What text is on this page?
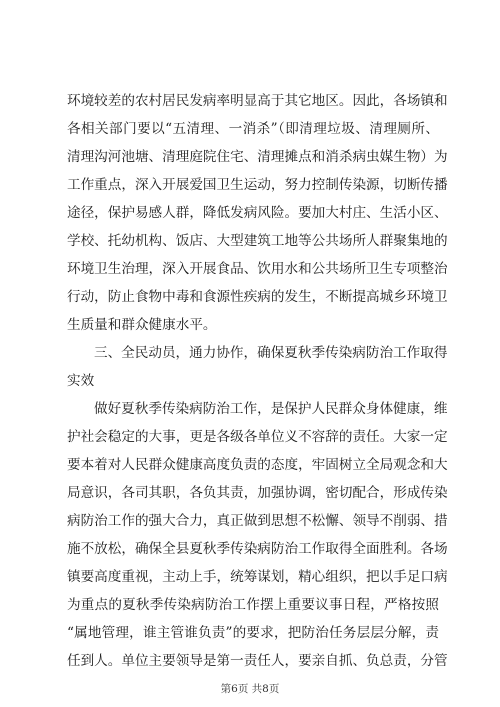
环境较差的农村居民发病率明显高于其它地区。因此，各场镇和
各相关部门要以“五清理、一消杀”（即清理垃圾、清理厕所、
清理沟河池塘、清理庭院住宅、清理摊点和消杀病虫媒生物）为
工作重点，深入开展爱国卫生运动，努力控制传染源，切断传播
途径，保护易感人群，降低发病风险。要加大村庄、生活小区、
学校、托幼机构、饭店、大型建筑工地等公共场所人群聚集地的
环境卫生治理，深入开展食品、饮用水和公共场所卫生专项整治
行动，防止食物中毒和食源性疾病的发生，不断提高城乡环境卫
生质量和群众健康水平。
三、全民动员，通力协作，确保夏秋季传染病防治工作取得
实效
做好夏秋季传染病防治工作，是保护人民群众身体健康，维
护社会稳定的大事，更是各级各单位义不容辞的责任。大家一定
要本着对人民群众健康高度负责的态度，牢固树立全局观念和大
局意识，各司其职，各负其责，加强协调，密切配合，形成传染
病防治工作的强大合力，真正做到思想不松懈、领导不削弱、措
施不放松，确保全县夏秋季传染病防治工作取得全面胜利。各场
镇要高度重视，主动上手，统筹谋划，精心组织，把以手足口病
为重点的夏秋季传染病防治工作摆上重要议事日程，严格按照
“属地管理，谁主管谁负责”的要求，把防治任务层层分解，责
任到人。单位主要领导是第一责任人，要亲自抓、负总责，分管
第6页 共8页
